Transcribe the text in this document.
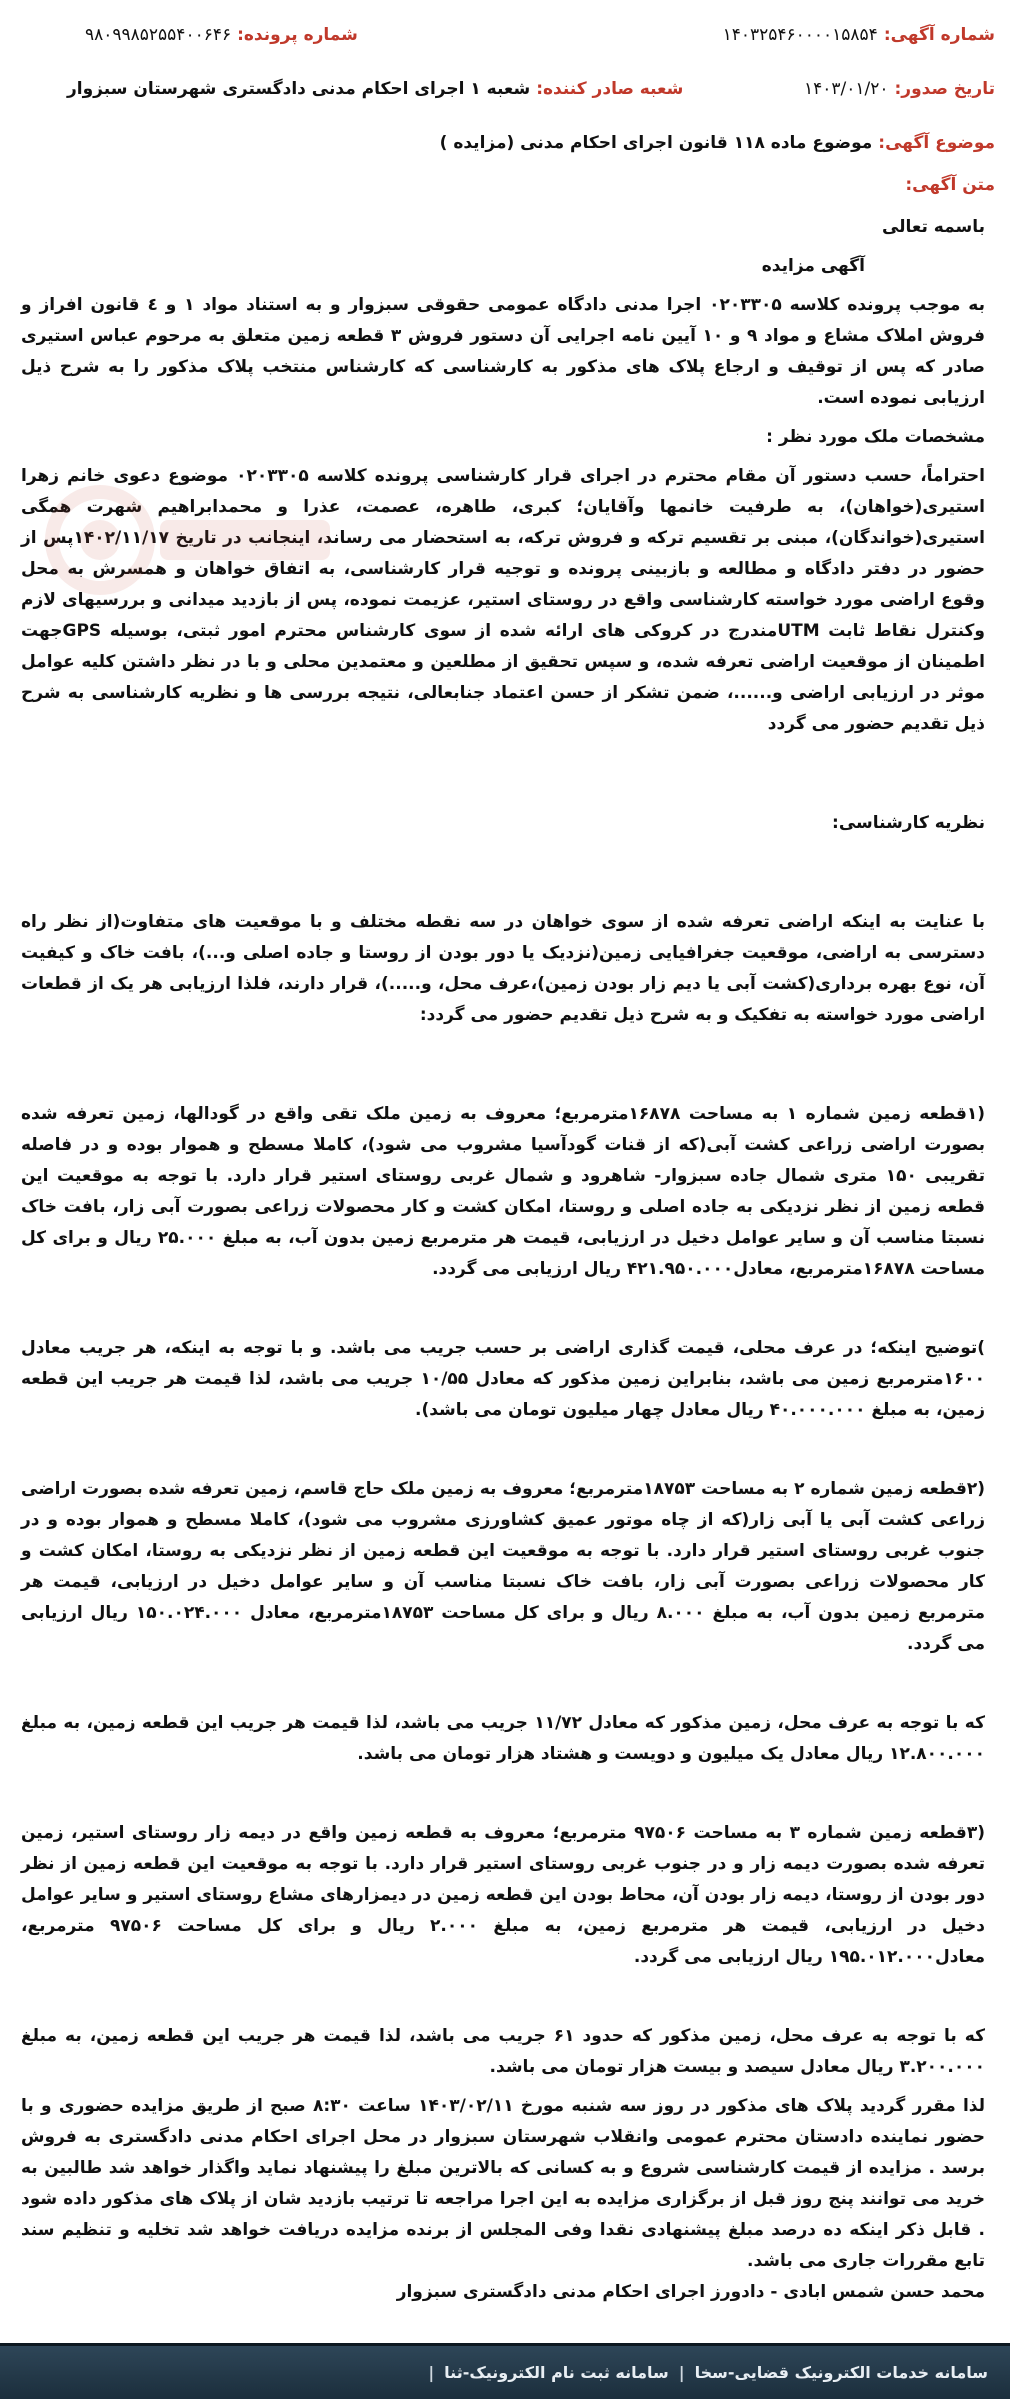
شماره آگهی:
۱۴۰۳۲۵۴۶۰۰۰۰۱۵۸۵۴
شماره پرونده:
۹۸۰۹۹۸۵۲۵۵۴۰۰۶۴۶
تاریخ صدور:
۱۴۰۳/۰۱/۲۰
شعبه صادر کننده:
شعبه ۱ اجرای احکام مدنی دادگستری شهرستان سبزوار
موضوع آگهی:
موضوع ماده ۱۱۸ قانون اجرای احکام مدنی (مزایده )
متن آگهی:

باسمه تعالی

آگهی مزایده

به موجب پرونده کلاسه ۰۲۰۳۳۰۵ اجرا مدنی دادگاه عمومی حقوقی سبزوار و به استناد مواد ۱ و ٤ قانون افراز و فروش املاک مشاع و مواد ۹ و ۱۰ آیین نامه اجرایی آن دستور فروش ۳ قطعه زمین متعلق به مرحوم عباس استیری صادر که پس از توقیف و ارجاع پلاک های مذکور به کارشناسی که کارشناس منتخب پلاک مذکور را به شرح ذیل ارزیابی نموده است.

مشخصات ملک مورد نظر :

احتراماً، حسب دستور آن مقام محترم در اجرای قرار کارشناسی پرونده کلاسه ۰۲۰۳۳۰۵ موضوع دعوی خانم زهرا استیری(خواهان)، به طرفیت خانمها وآقایان؛ کبری، طاهره، عصمت، عذرا و محمدابراهیم شهرت همگی استیری(خواندگان)، مبنی بر تقسیم ترکه و فروش ترکه، به استحضار می رساند، اینجانب در تاریخ ۱۴۰۲/۱۱/۱۷پس از حضور در دفتر دادگاه و مطالعه و بازبینی پرونده و توجیه قرار کارشناسی، به اتفاق خواهان و همسرش به محل وقوع اراضی مورد خواسته کارشناسی واقع در روستای استیر، عزیمت نموده، پس از بازدید میدانی و بررسیهای لازم وکنترل نقاط ثابت UTMمندرج در کروکی های ارائه شده از سوی کارشناس محترم امور ثبتی، بوسیله GPSجهت اطمینان از موقعیت اراضی تعرفه شده، و سپس تحقیق از مطلعین و معتمدین محلی و با در نظر داشتن کلیه عوامل موثر در ارزیابی اراضی و......، ضمن تشکر از حسن اعتماد جنابعالی، نتیجه بررسی ها و نظریه کارشناسی به شرح ذیل تقدیم حضور می گردد

نظریه کارشناسی:

با عنایت به اینکه اراضی تعرفه شده از سوی خواهان در سه نقطه مختلف و با موقعیت های متفاوت(از نظر راه دسترسی به اراضی، موقعیت جغرافیایی زمین(نزدیک یا دور بودن از روستا و جاده اصلی و...)، بافت خاک و کیفیت آن، نوع بهره برداری(کشت آبی یا دیم زار بودن زمین)،عرف محل، و.....)، قرار دارند، فلذا ارزیابی هر یک از قطعات اراضی مورد خواسته به تفکیک و به شرح ذیل تقدیم حضور می گردد:

(۱قطعه زمین شماره ۱ به مساحت ۱۶۸۷۸مترمربع؛ معروف به زمین ملک تقی واقع در گودالها، زمین تعرفه شده بصورت اراضی زراعی کشت آبی(که از قنات گودآسیا مشروب می شود)، کاملا مسطح و هموار بوده و در فاصله تقریبی ۱۵۰ متری شمال جاده سبزوار- شاهرود و شمال غربی روستای استیر قرار دارد. با توجه به موقعیت این قطعه زمین از نظر نزدیکی به جاده اصلی و روستا، امکان کشت و کار محصولات زراعی بصورت آبی زار، بافت خاک نسبتا مناسب آن و سایر عوامل دخیل در ارزیابی، قیمت هر مترمربع زمین بدون آب، به مبلغ ۲۵.۰۰۰ ریال و برای کل مساحت ۱۶۸۷۸مترمربع، معادل۴۲۱.۹۵۰.۰۰۰ ریال ارزیابی می گردد.

)توضیح اینکه؛ در عرف محلی، قیمت گذاری اراضی بر حسب جریب می باشد. و با توجه به اینکه، هر جریب معادل ۱۶۰۰مترمربع زمین می باشد، بنابراین زمین مذکور که معادل ۱۰/۵۵ جریب می باشد، لذا قیمت هر جریب این قطعه زمین، به مبلغ ۴۰.۰۰۰.۰۰۰ ریال معادل چهار میلیون تومان می باشد).

(۲قطعه زمین شماره ۲ به مساحت ۱۸۷۵۳مترمربع؛ معروف به زمین ملک حاج قاسم، زمین تعرفه شده بصورت اراضی زراعی کشت آبی یا آبی زار(که از چاه موتور عمیق کشاورزی مشروب می شود)، کاملا مسطح و هموار بوده و در جنوب غربی روستای استیر قرار دارد. با توجه به موقعیت این قطعه زمین از نظر نزدیکی به روستا، امکان کشت و کار محصولات زراعی بصورت آبی زار، بافت خاک نسبتا مناسب آن و سایر عوامل دخیل در ارزیابی، قیمت هر مترمربع زمین بدون آب، به مبلغ ۸.۰۰۰ ریال و برای کل مساحت ۱۸۷۵۳مترمربع، معادل ۱۵۰.۰۲۴.۰۰۰ ریال ارزیابی می گردد.

که با توجه به عرف محل، زمین مذکور که معادل ۱۱/۷۲ جریب می باشد، لذا قیمت هر جریب این قطعه زمین، به مبلغ ۱۲.۸۰۰.۰۰۰ ریال معادل یک میلیون و دویست و هشتاد هزار تومان می باشد.

(۳قطعه زمین شماره ۳ به مساحت ۹۷۵۰۶ مترمربع؛ معروف به قطعه زمین واقع در دیمه زار روستای استیر، زمین تعرفه شده بصورت دیمه زار و در جنوب غربی روستای استیر قرار دارد. با توجه به موقعیت این قطعه زمین از نظر دور بودن از روستا، دیمه زار بودن آن، محاط بودن این قطعه زمین در دیمزارهای مشاع روستای استیر و سایر عوامل دخیل در ارزیابی، قیمت هر مترمربع زمین، به مبلغ ۲.۰۰۰ ریال و برای کل مساحت ۹۷۵۰۶ مترمربع، معادل۱۹۵.۰۱۲.۰۰۰ ریال ارزیابی می گردد.

که با توجه به عرف محل، زمین مذکور که حدود ۶۱ جریب می باشد، لذا قیمت هر جریب این قطعه زمین، به مبلغ ۳.۲۰۰.۰۰۰ ریال معادل سیصد و بیست هزار تومان می باشد.

لذا مقرر گردید پلاک های مذکور در روز سه شنبه مورخ ۱۴۰۳/۰۲/۱۱ ساعت ۸:۳۰ صبح از طریق مزایده حضوری و با حضور نماینده دادستان محترم عمومی وانقلاب شهرستان سبزوار در محل اجرای احکام مدنی دادگستری به فروش برسد . مزایده از قیمت کارشناسی شروع و به کسانی که بالاترین مبلغ را پیشنهاد نماید واگذار خواهد شد طالبین به خرید می توانند پنج روز قبل از برگزاری مزایده به این اجرا مراجعه تا ترتیب بازدید شان از پلاک های مذکور داده شود . قابل ذکر اینکه ده درصد مبلغ پیشنهادی نقدا وفی المجلس از برنده مزایده دریافت خواهد شد تخلیه و تنظیم سند تابع مقررات جاری می باشد.

محمد حسن شمس ابادی - دادورز اجرای احکام مدنی دادگستری سبزوار

سامانه خدمات الکترونیک قضایی-سخا
|
سامانه ثبت نام الکترونیک-ثنا
|
